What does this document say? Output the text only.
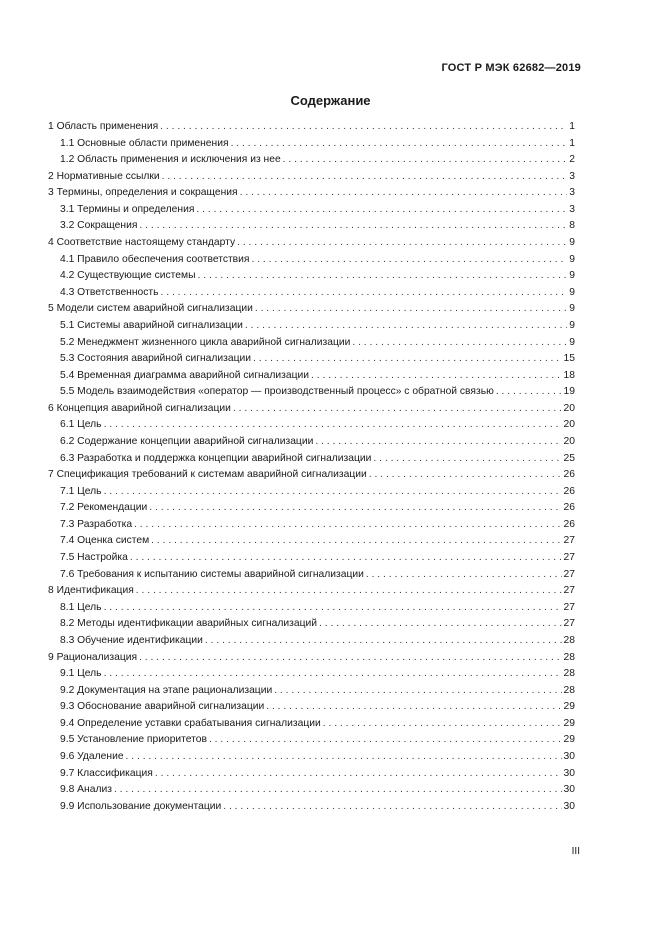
ГОСТ Р МЭК 62682—2019
Содержание
1 Область применения . . .	1
1.1 Основные области применения . . .	1
1.2 Область применения и исключения из нее . . .	2
2 Нормативные ссылки . . .	3
3 Термины, определения и сокращения . . .	3
3.1 Термины и определения . . .	3
3.2 Сокращения . . .	8
4 Соответствие настоящему стандарту . . .	9
4.1 Правило обеспечения соответствия . . .	9
4.2 Существующие системы . . .	9
4.3 Ответственность . . .	9
5 Модели систем аварийной сигнализации . . .	9
5.1 Системы аварийной сигнализации . . .	9
5.2 Менеджмент жизненного цикла аварийной сигнализации . . .	9
5.3 Состояния аварийной сигнализации . . .	15
5.4 Временная диаграмма аварийной сигнализации . . .	18
5.5 Модель взаимодействия «оператор — производственный процесс» с обратной связью . . .	19
6 Концепция аварийной сигнализации . . .	20
6.1 Цель . . .	20
6.2 Содержание концепции аварийной сигнализации . . .	20
6.3 Разработка и поддержка концепции аварийной сигнализации . . .	25
7 Спецификация требований к системам аварийной сигнализации . . .	26
7.1 Цель . . .	26
7.2 Рекомендации . . .	26
7.3 Разработка . . .	26
7.4 Оценка систем . . .	27
7.5 Настройка . . .	27
7.6 Требования к испытанию системы аварийной сигнализации . . .	27
8 Идентификация . . .	27
8.1 Цель . . .	27
8.2 Методы идентификации аварийных сигнализаций . . .	27
8.3 Обучение идентификации . . .	28
9 Рационализация . . .	28
9.1 Цель . . .	28
9.2 Документация на этапе рационализации . . .	28
9.3 Обоснование аварийной сигнализации . . .	29
9.4 Определение уставки срабатывания сигнализации . . .	29
9.5 Установление приоритетов . . .	29
9.6 Удаление . . .	30
9.7 Классификация . . .	30
9.8 Анализ . . .	30
9.9 Использование документации . . .	30
III
